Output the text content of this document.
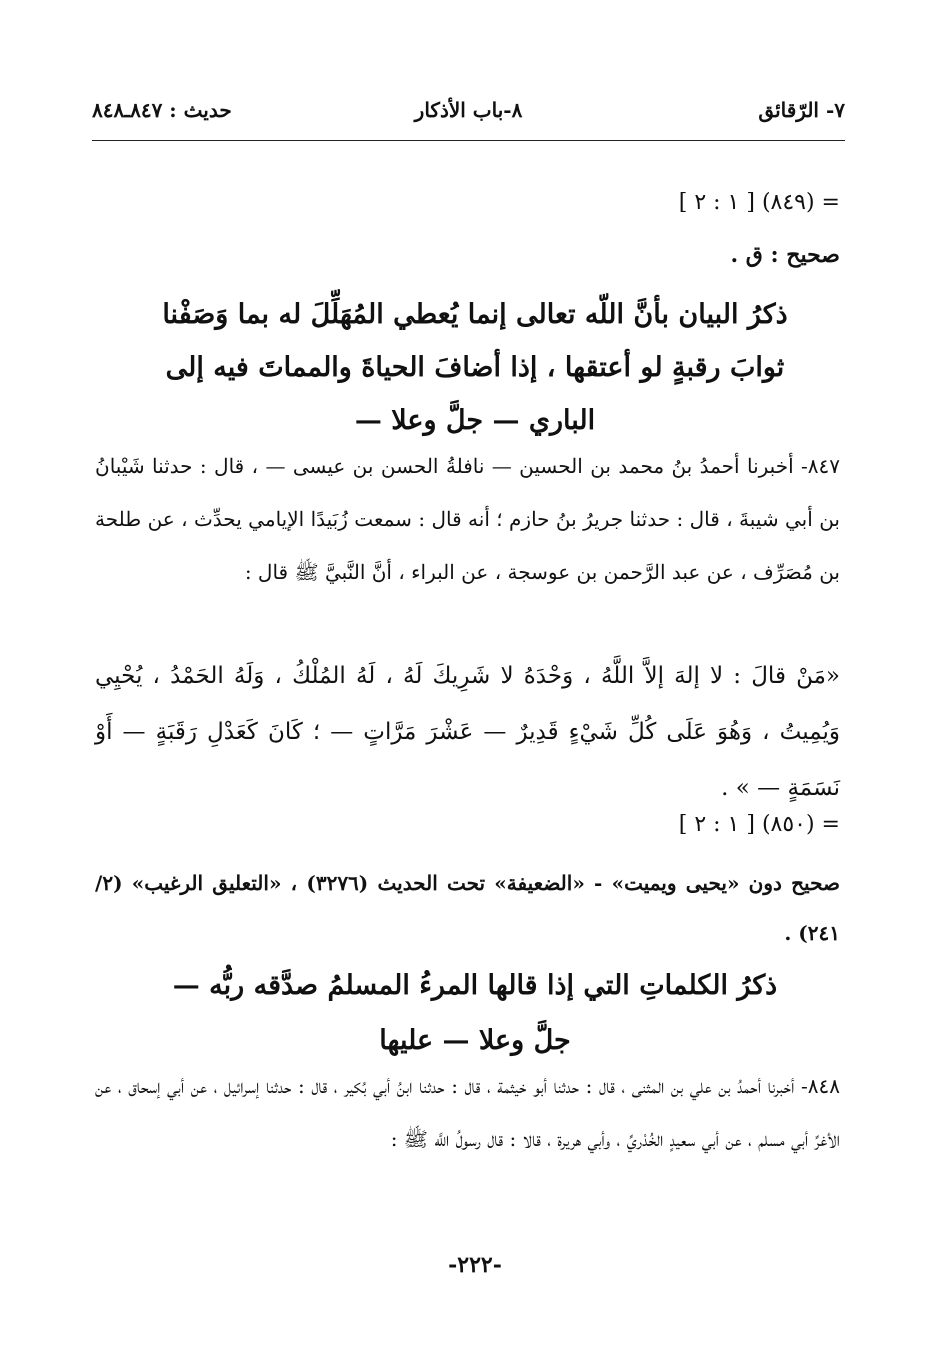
حديث : ٨٤٧ـ٨٤٨	٨-باب الأذكار	٧- الرّقائق
= (٨٤٩) [ ١ : ٢ ]
صحيح : ق .
ذكرُ البيان بأنَّ اللّه تعالى إنما يُعطي المُهَلِّلَ له بما وَصَفْنا ثوابَ رقبةٍ لو أعتقها ، إذا أضافَ الحياةَ والمماتَ فيه إلى الباري — جلَّ وعلا —
٨٤٧- أخبرنا أحمدُ بنُ محمد بن الحسين — نافلةُ الحسن بن عيسى — ، قال : حدثنا شَيْبانُ بن أبي شيبةَ ، قال : حدثنا جريرُ بنُ حازم ؛ أنه قال : سمعت زُبَيدًا الإيامي يحدِّث ، عن طلحة بن مُصَرِّف ، عن عبد الرَّحمن بن عوسجة ، عن البراء ، أنَّ النَّبيَّ ﷺ قال :
«مَنْ قالَ : لا إلهَ إلاَّ اللَّهُ ، وَحْدَهُ لا شَرِيكَ لَهُ ، لَهُ المُلْكُ ، وَلَهُ الحَمْدُ ، يُحْيِي وَيُمِيتُ ، وَهُوَ عَلَى كُلِّ شَيْءٍ قَدِيرٌ — عَشْرَ مَرَّاتٍ — ؛ كَانَ كَعَدْلِ رَقَبَةٍ — أَوْ نَسَمَةٍ — » .
= (٨٥٠) [ ١ : ٢ ]
صحيح دون «يحيى ويميت» - «الضعيفة» تحت الحديث (٣٢٧٦) ، «التعليق الرغيب» (٢/ ٢٤١) .
ذكرُ الكلماتِ التي إذا قالها المرءُ المسلمُ صدَّقه ربُّه — جلَّ وعلا — عليها
٨٤٨- أخبرنا أحمدُ بن علي بن المثنى ، قال : حدثنا أبو خيثمة ، قال : حدثنا ابنُ أبي بُكير ، قال : حدثنا إسرائيل ، عن أبي إسحاق ، عن الأغرِّ أبي مسلم ، عن أبي سعيدٍ الخُدْريِّ ، وأبي هريرة ، قالا : قال رسولُ اللَّه ﷺ :
-٢٢٢-
